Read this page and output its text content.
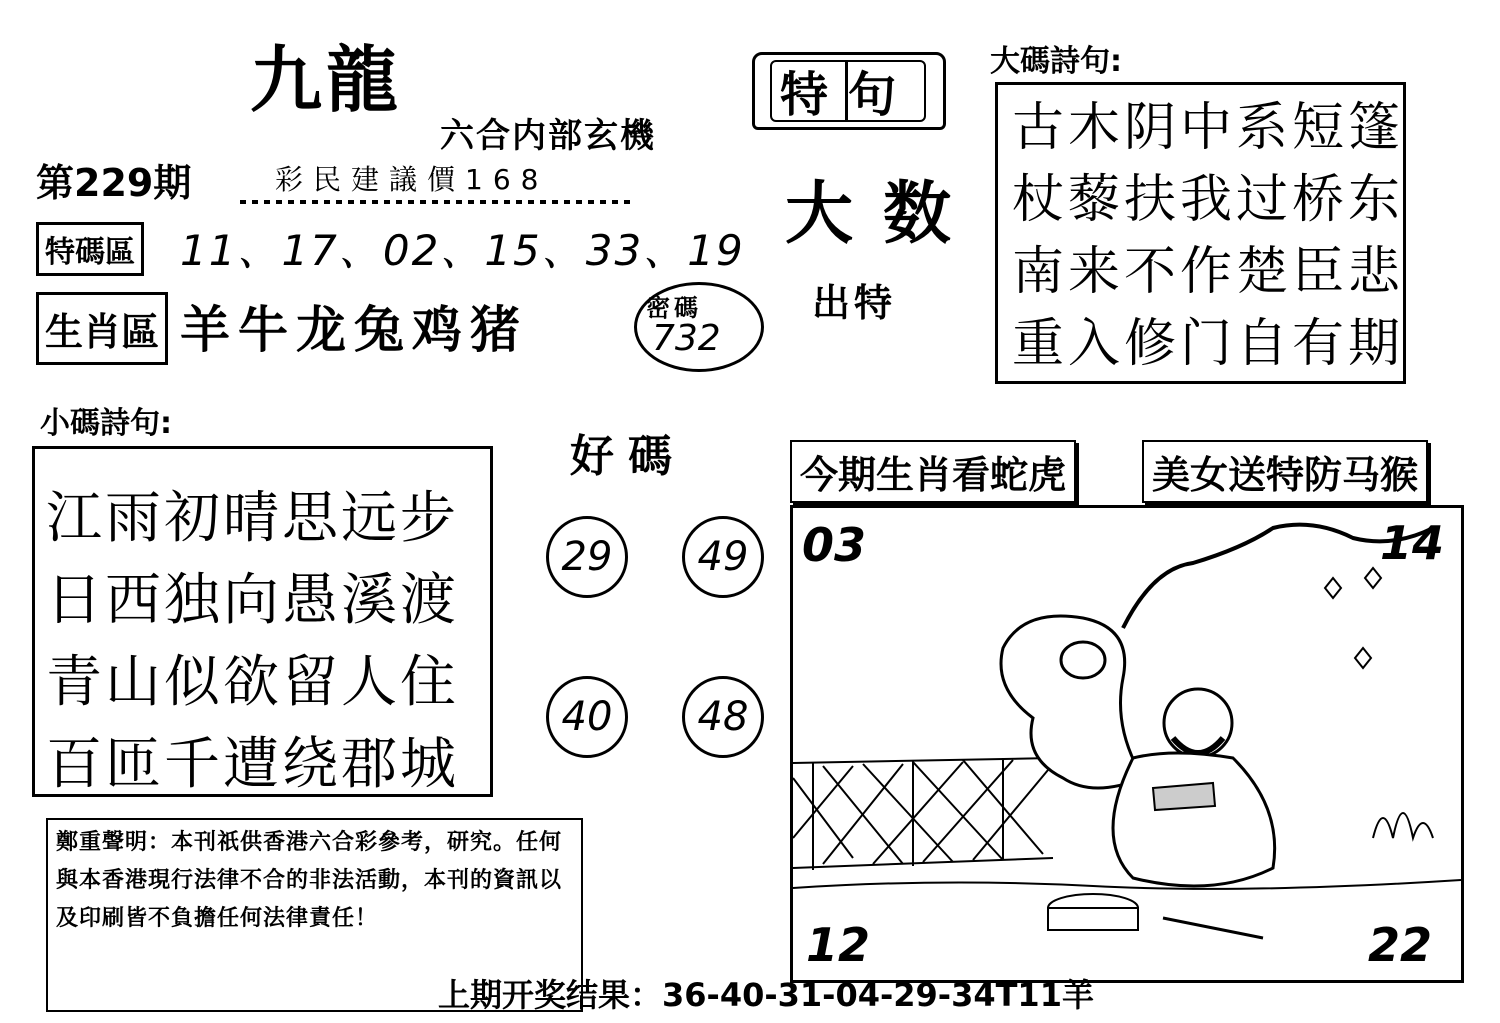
九龍
六合内部玄機
第229期	彩民建議價168
特碼區 11、17、02、15、33、19
生肖區 羊牛龙兔鸡猪	密碼
732
特句
大数
出特
大碼詩句:
古木阴中系短篷
杖藜扶我过桥东
南来不作楚臣悲
重入修门自有期
小碼詩句:
江雨初晴思远步
日西独向愚溪渡
青山似欲留人住
百匝千遭绕郡城
好碼
29	49
40	48
今期生肖看蛇虎 美女送特防马猴
03	14
12	22
鄭重聲明：本刊祇供香港六合彩參考，研究。任何與本香港現行法律不合的非法活動，本刊的資訊以及印刷皆不負擔任何法律責任！
上期开奖结果：36-40-31-04-29-34T11羊
